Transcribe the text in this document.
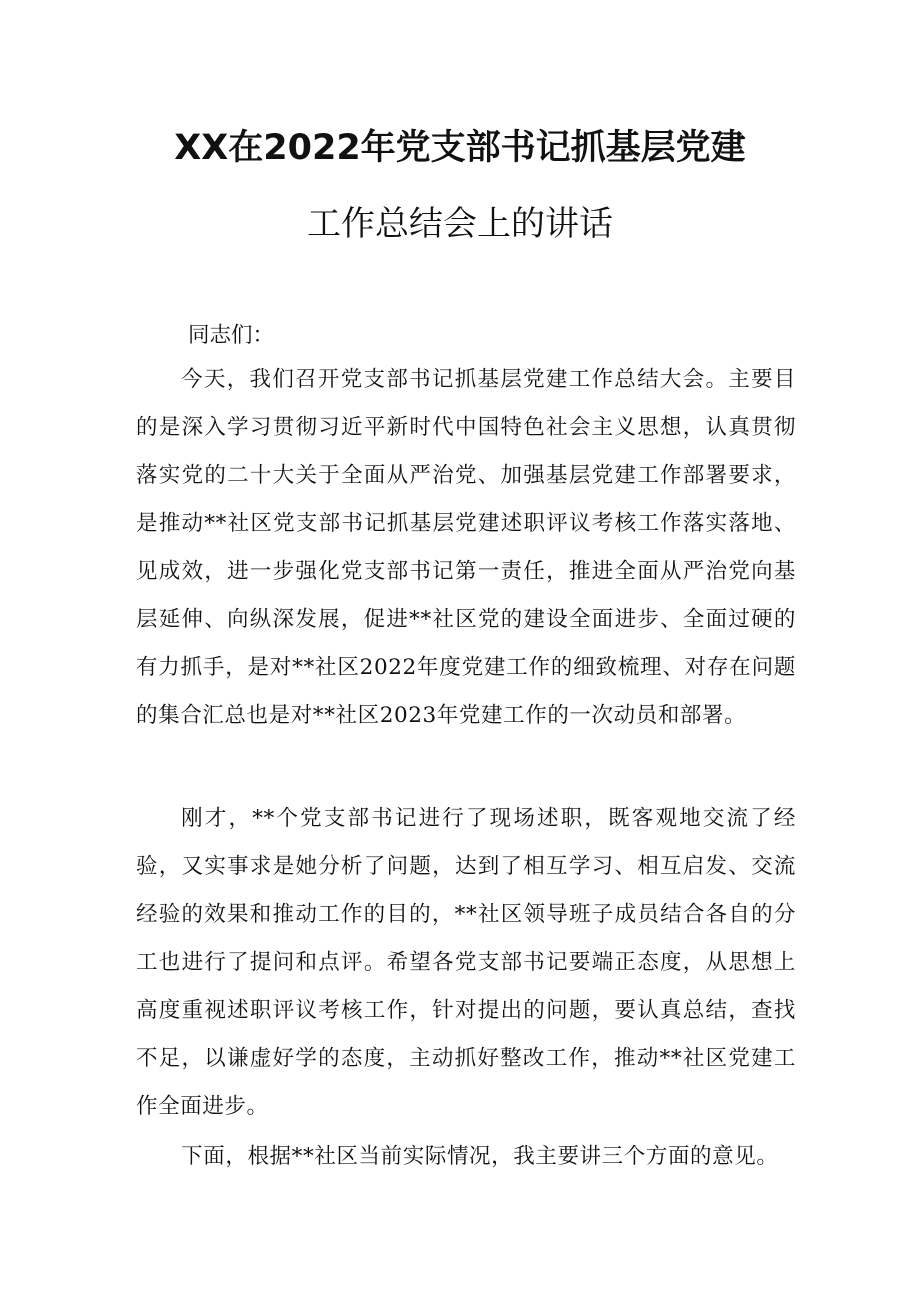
XX在2022年党支部书记抓基层党建
工作总结会上的讲话
同志们：

今天，我们召开党支部书记抓基层党建工作总结大会。主要目的是深入学习贯彻习近平新时代中国特色社会主义思想，认真贯彻落实党的二十大关于全面从严治党、加强基层党建工作部署要求，是推动**社区党支部书记抓基层党建述职评议考核工作落实落地、见成效，进一步强化党支部书记第一责任，推进全面从严治党向基层延伸、向纵深发展，促进**社区党的建设全面进步、全面过硬的有力抓手，是对**社区2022年度党建工作的细致梳理、对存在问题的集合汇总也是对**社区2023年党建工作的一次动员和部署。

刚才，**个党支部书记进行了现场述职，既客观地交流了经验，又实事求是她分析了问题，达到了相互学习、相互启发、交流经验的效果和推动工作的目的，**社区领导班子成员结合各自的分工也进行了提问和点评。希望各党支部书记要端正态度，从思想上高度重视述职评议考核工作，针对提出的问题，要认真总结，查找不足，以谦虚好学的态度，主动抓好整改工作，推动**社区党建工作全面进步。

下面，根据**社区当前实际情况，我主要讲三个方面的意见。
